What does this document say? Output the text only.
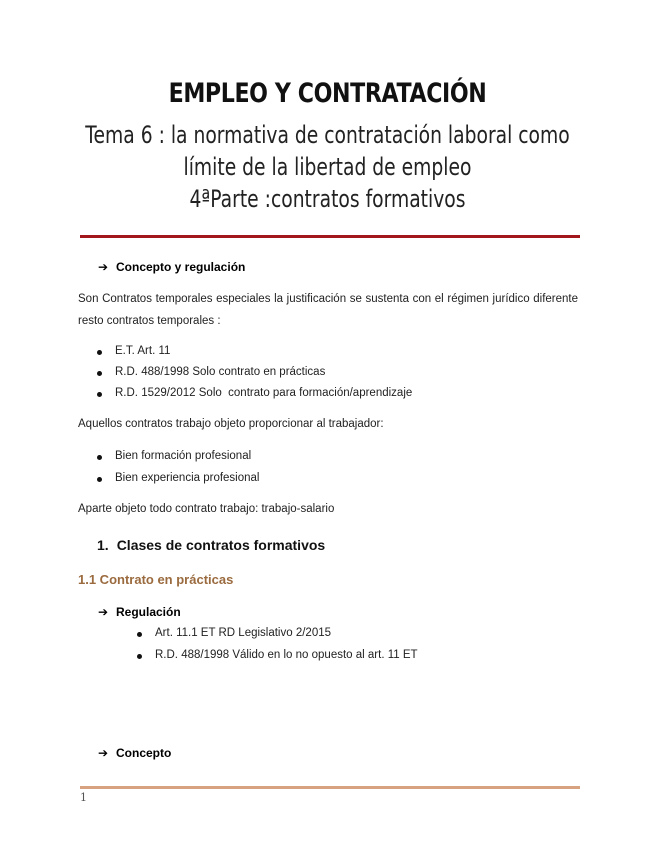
EMPLEO Y CONTRATACIÓN
Tema 6 : la normativa de contratación laboral como
límite de la libertad de empleo
4ªParte :contratos formativos
➔ Concepto y regulación
Son Contratos temporales especiales la justificación se sustenta con el régimen jurídico diferente resto contratos temporales :
E.T. Art. 11
R.D. 488/1998 Solo contrato en prácticas
R.D. 1529/2012 Solo  contrato para formación/aprendizaje
Aquellos contratos trabajo objeto proporcionar al trabajador:
Bien formación profesional
Bien experiencia profesional
Aparte objeto todo contrato trabajo: trabajo-salario
1. Clases de contratos formativos
1.1 Contrato en prácticas
➔ Regulación
Art. 11.1 ET RD Legislativo 2/2015
R.D. 488/1998 Válido en lo no opuesto al art. 11 ET
➔ Concepto
1
